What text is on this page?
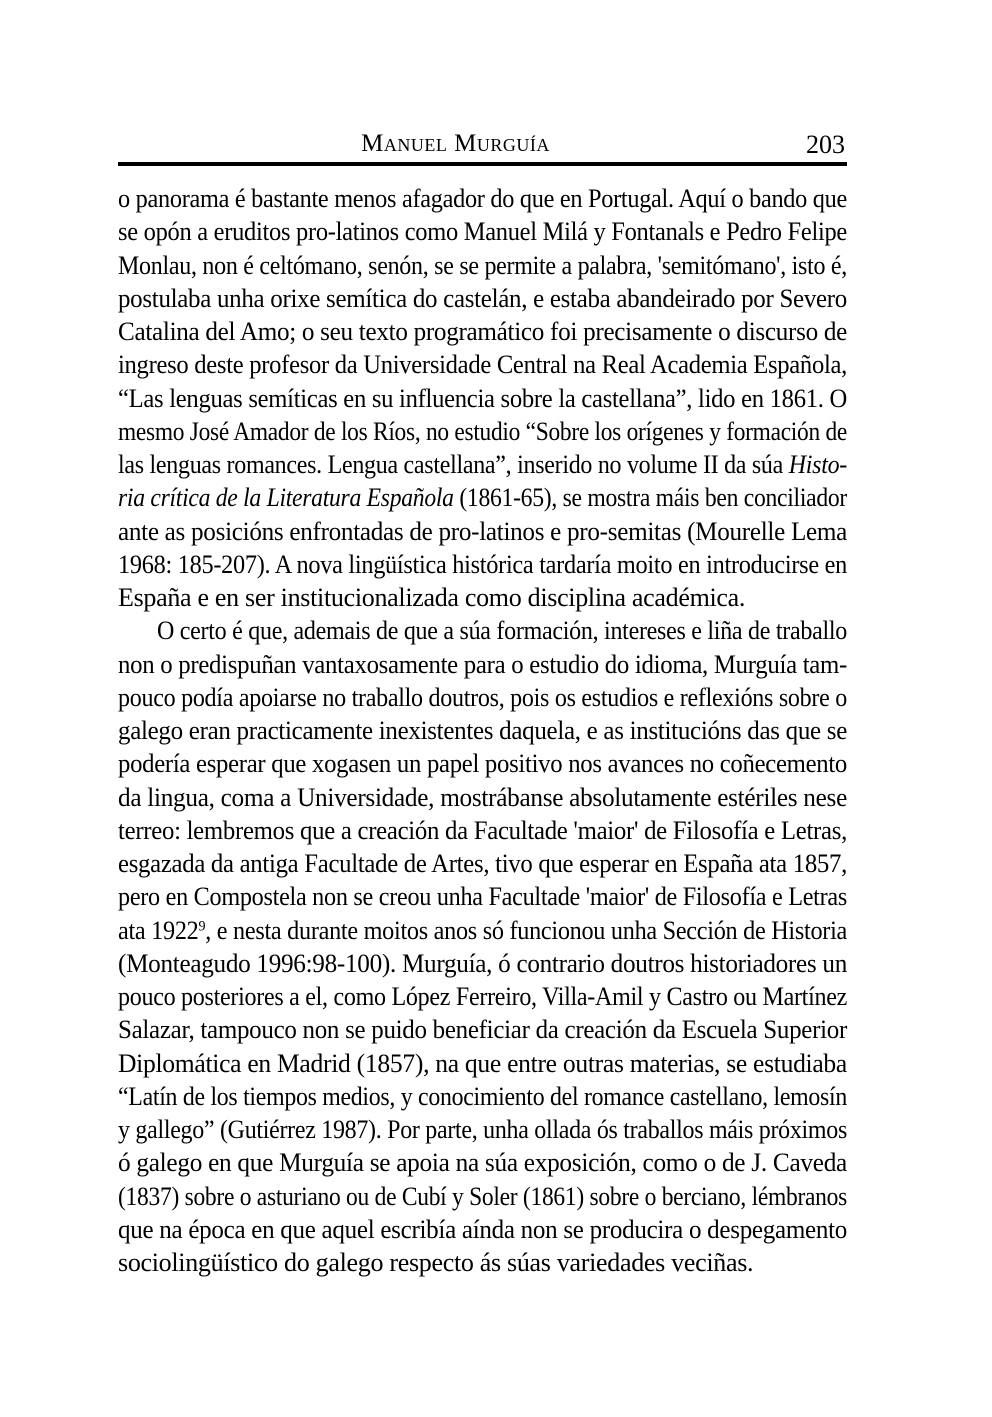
Manuel Murguía	203
o panorama é bastante menos afagador do que en Portugal. Aquí o bando que
se opón a eruditos pro-latinos como Manuel Milá y Fontanals e Pedro Felipe
Monlau, non é celtómano, senón, se se permite a palabra, 'semitómano', isto é,
postulaba unha orixe semítica do castelán, e estaba abandeirado por Severo
Catalina del Amo; o seu texto programático foi precisamente o discurso de
ingreso deste profesor da Universidade Central na Real Academia Española,
“Las lenguas semíticas en su influencia sobre la castellana”, lido en 1861. O
mesmo José Amador de los Ríos, no estudio “Sobre los orígenes y formación de
las lenguas romances. Lengua castellana”, inserido no volume II da súa Histo-
ria crítica de la Literatura Española (1861-65), se mostra máis ben conciliador
ante as posicións enfrontadas de pro-latinos e pro-semitas (Mourelle Lema
1968: 185-207). A nova lingüística histórica tardaría moito en introducirse en
España e en ser institucionalizada como disciplina académica.
O certo é que, ademais de que a súa formación, intereses e liña de traballo
non o predispuñan vantaxosamente para o estudio do idioma, Murguía tam-
pouco podía apoiarse no traballo doutros, pois os estudios e reflexións sobre o
galego eran practicamente inexistentes daquela, e as institucións das que se
podería esperar que xogasen un papel positivo nos avances no coñecemento
da lingua, coma a Universidade, mostrábanse absolutamente estériles nese
terreo: lembremos que a creación da Facultade 'maior' de Filosofía e Letras,
esgazada da antiga Facultade de Artes, tivo que esperar en España ata 1857,
pero en Compostela non se creou unha Facultade 'maior' de Filosofía e Letras
ata 1922$^9$, e nesta durante moitos anos só funcionou unha Sección de Historia
(Monteagudo 1996:98-100). Murguía, ó contrario doutros historiadores un
pouco posteriores a el, como López Ferreiro, Villa-Amil y Castro ou Martínez
Salazar, tampouco non se puido beneficiar da creación da Escuela Superior
Diplomática en Madrid (1857), na que entre outras materias, se estudiaba
“Latín de los tiempos medios, y conocimiento del romance castellano, lemosín
y gallego” (Gutiérrez 1987). Por parte, unha ollada ós traballos máis próximos
ó galego en que Murguía se apoia na súa exposición, como o de J. Caveda
(1837) sobre o asturiano ou de Cubí y Soler (1861) sobre o berciano, lémbranos
que na época en que aquel escribía aínda non se producira o despegamento
sociolingüístico do galego respecto ás súas variedades veciñas.
